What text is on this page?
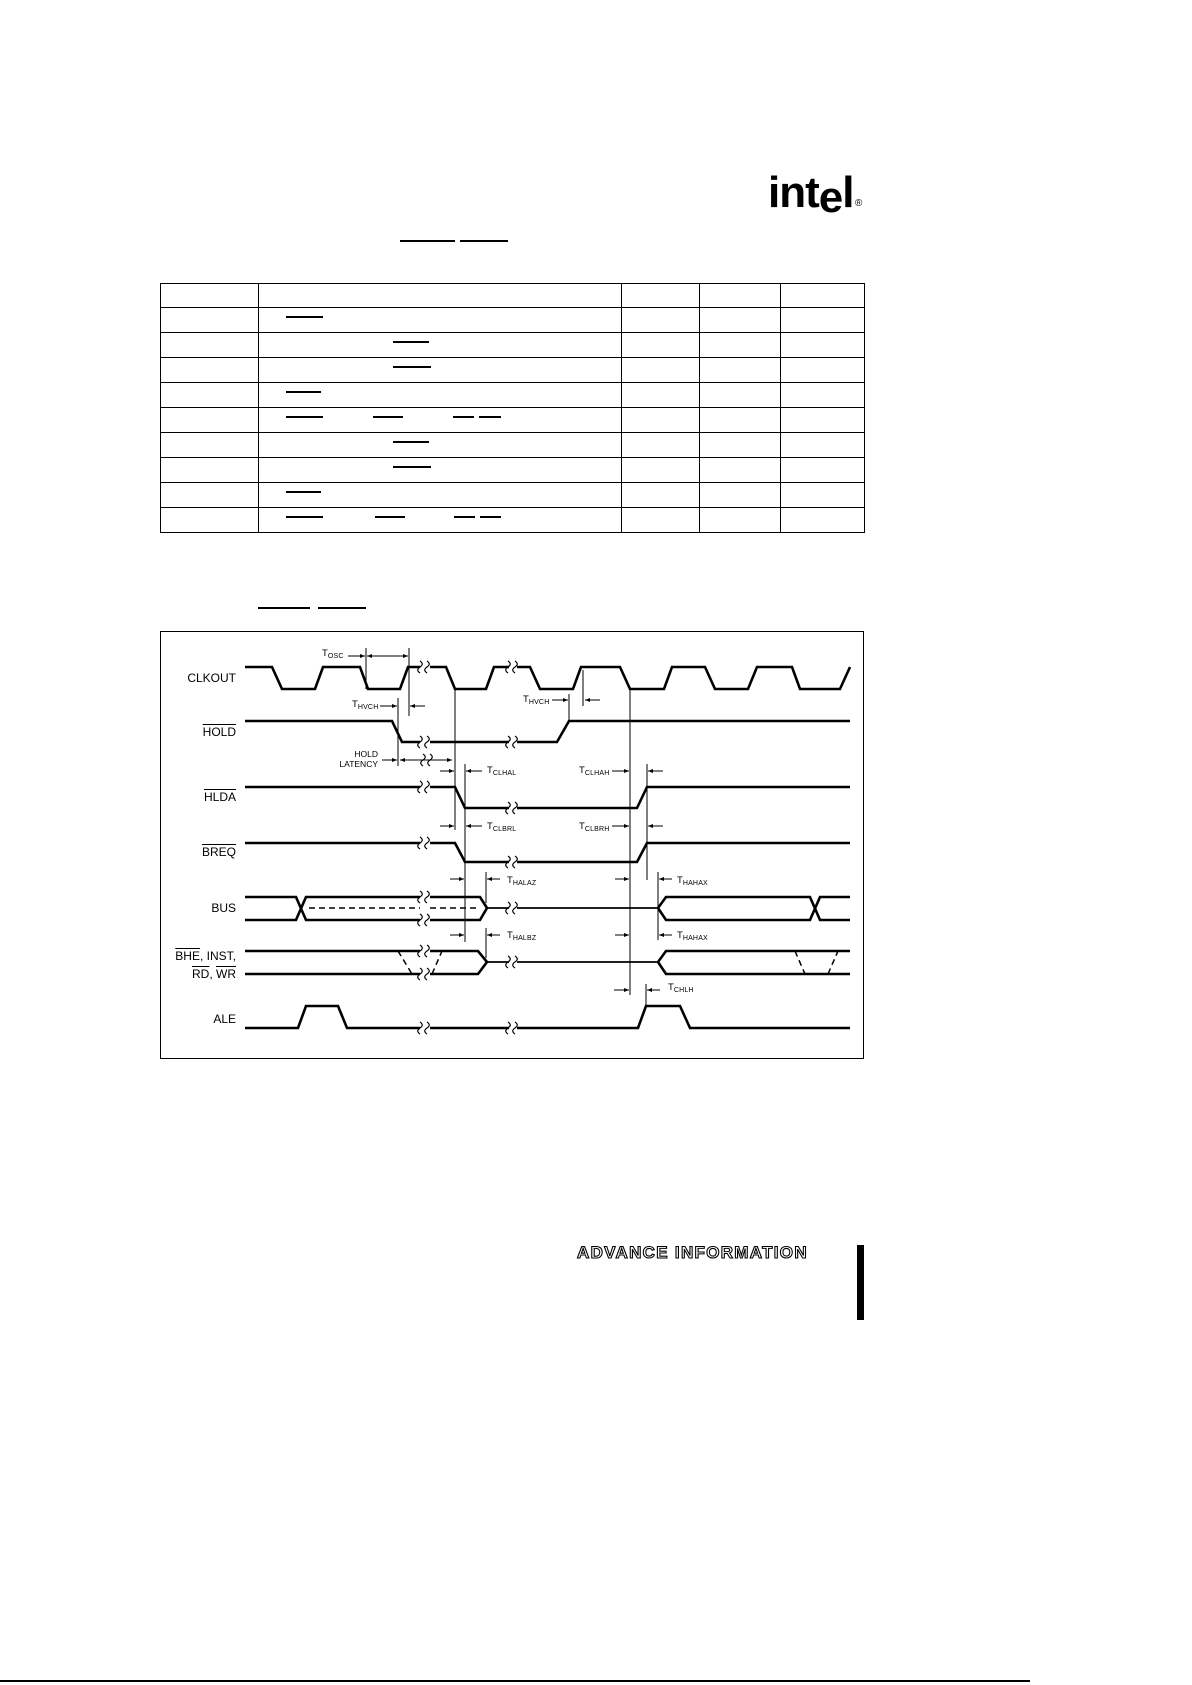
intel ®

CLKOUT
HOLD
HLDA
BREQ
BUS
$\overline{BHE}$, INST,
$\overline{RD}$, $\overline{WR}$
ALE
$T_{OSC}$
$T_{HVCH}$
HOLD
LATENCY
$T_{CLHAL}$	$T_{CLHAH}$
$T_{CLBRL}$	$T_{CLBRH}$
$T_{HVCH}$
$T_{HALAZ}$	$T_{HAHAX}$
$T_{HALBZ}$	$T_{HAHAX}$
$T_{CHLH}$
ADVANCE INFORMATION
